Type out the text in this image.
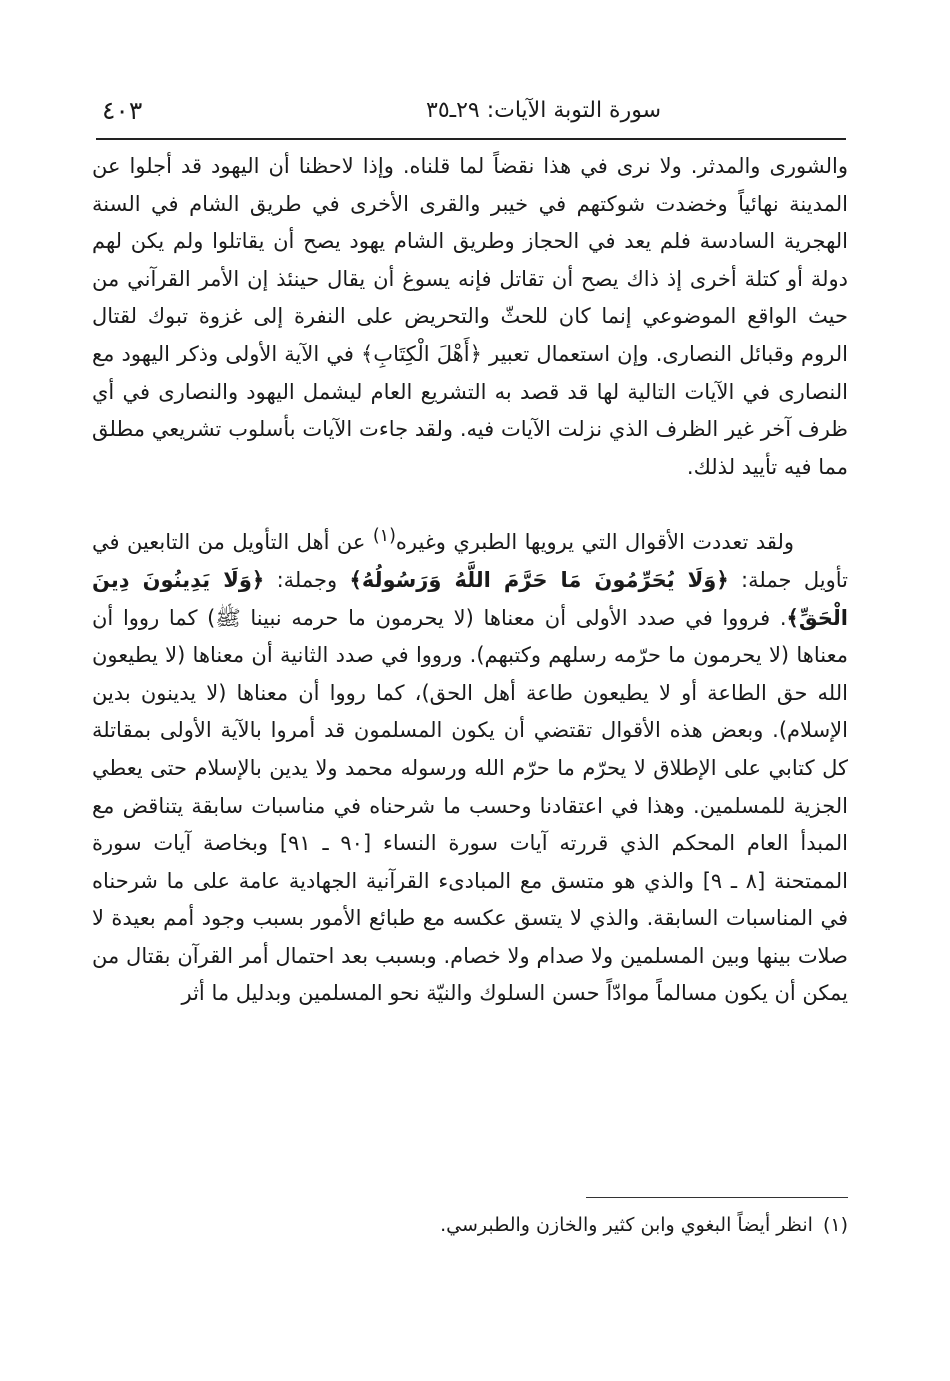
٤٠٣	سورة التوبة الآيات: ٢٩ـ٣٥

والشورى والمدثر. ولا نرى في هذا نقضاً لما قلناه. وإذا لاحظنا أن اليهود قد أجلوا عن المدينة نهائياً وخضدت شوكتهم في خيبر والقرى الأخرى في طريق الشام في السنة الهجرية السادسة فلم يعد في الحجاز وطريق الشام يهود يصح أن يقاتلوا ولم يكن لهم دولة أو كتلة أخرى إذ ذاك يصح أن تقاتل فإنه يسوغ أن يقال حينئذ إن الأمر القرآني من حيث الواقع الموضوعي إنما كان للحثّ والتحريض على النفرة إلى غزوة تبوك لقتال الروم وقبائل النصارى. وإن استعمال تعبير ﴿أَهْلَ الْكِتَابِ﴾ في الآية الأولى وذكر اليهود مع النصارى في الآيات التالية لها قد قصد به التشريع العام ليشمل اليهود والنصارى في أي ظرف آخر غير الظرف الذي نزلت الآيات فيه. ولقد جاءت الآيات بأسلوب تشريعي مطلق مما فيه تأييد لذلك.

ولقد تعددت الأقوال التي يرويها الطبري وغيره$^{(١)}$ عن أهل التأويل من التابعين في تأويل جملة: ﴿وَلَا يُحَرِّمُونَ مَا حَرَّمَ اللَّهُ وَرَسُولُهُ﴾ وجملة: ﴿وَلَا يَدِينُونَ دِينَ الْحَقِّ﴾. فرووا في صدد الأولى أن معناها (لا يحرمون ما حرمه نبينا ﷺ) كما رووا أن معناها (لا يحرمون ما حرّمه رسلهم وكتبهم). ورووا في صدد الثانية أن معناها (لا يطيعون الله حق الطاعة أو لا يطيعون طاعة أهل الحق)، كما رووا أن معناها (لا يدينون بدين الإسلام). وبعض هذه الأقوال تقتضي أن يكون المسلمون قد أمروا بالآية الأولى بمقاتلة كل كتابي على الإطلاق لا يحرّم ما حرّم الله ورسوله محمد ولا يدين بالإسلام حتى يعطي الجزية للمسلمين. وهذا في اعتقادنا وحسب ما شرحناه في مناسبات سابقة يتناقض مع المبدأ العام المحكم الذي قررته آيات سورة النساء [٩٠ ـ ٩١] وبخاصة آيات سورة الممتحنة [٨ ـ ٩] والذي هو متسق مع المبادىء القرآنية الجهادية عامة على ما شرحناه في المناسبات السابقة. والذي لا يتسق عكسه مع طبائع الأمور بسبب وجود أمم بعيدة لا صلات بينها وبين المسلمين ولا صدام ولا خصام. وبسبب بعد احتمال أمر القرآن بقتال من يمكن أن يكون مسالماً موادّاً حسن السلوك والنيّة نحو المسلمين وبدليل ما أثر

(١)انظر أيضاً البغوي وابن كثير والخازن والطبرسي.
